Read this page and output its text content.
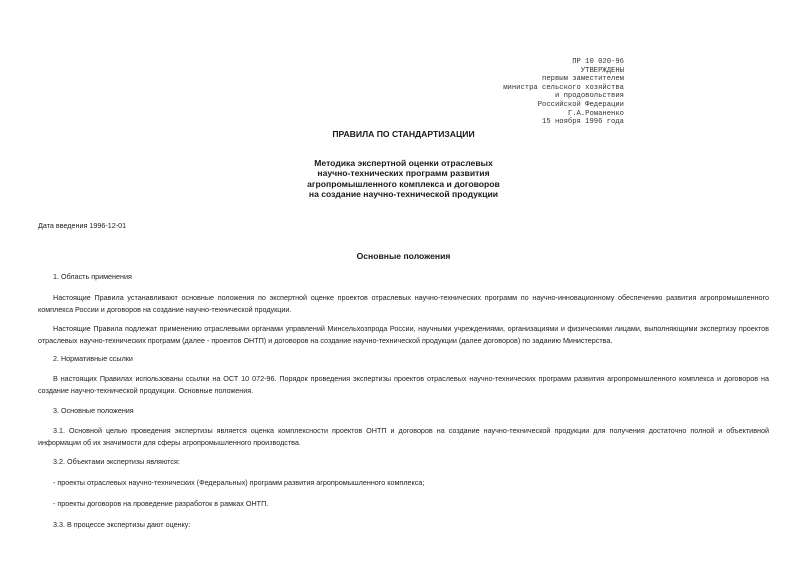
ПР 10 020-96
УТВЕРЖДЕНЫ
первым заместителем
министра сельского хозяйства
и продовольствия
Российской Федерации
Г.А.Романенко
15 ноября 1996 года
ПРАВИЛА ПО СТАНДАРТИЗАЦИИ
Методика экспертной оценки отраслевых
научно-технических программ развития
агропромышленного комплекса и договоров
на создание научно-технической продукции
Дата введения 1996-12-01
Основные положения
1. Область применения
Настоящие Правила устанавливают основные положения по экспертной оценке проектов отраслевых научно-технических программ по научно-инновационному обеспечению развития агропромышленного комплекса России и договоров на создание научно-технической продукции.
Настоящие Правила подлежат применению отраслевыми органами управлений Минсельхозпрода России, научными учреждениями, организациями и физическими лицами, выполняющими экспертизу проектов отраслевых научно-технических программ (далее - проектов ОНТП) и договоров на создание научно-технической продукции (далее договоров) по заданию Министерства.
2. Нормативные ссылки
В настоящих Правилах использованы ссылки на ОСТ 10 072-96. Порядок проведения экспертизы проектов отраслевых научно-технических программ развития агропромышленного комплекса и договоров на создание научно-технической продукции. Основные положения.
3. Основные положения
3.1. Основной целью проведения экспертизы является оценка комплексности проектов ОНТП и договоров на создание научно-технической продукции для получения достаточно полной и объективной информации об их значимости для сферы агропромышленного производства.
3.2. Объектами экспертизы являются:
- проекты отраслевых научно-технических (Федеральных) программ развития агропромышленного комплекса;
- проекты договоров на проведение разработок в рамках ОНТП.
3.3. В процессе экспертизы дают оценку:
